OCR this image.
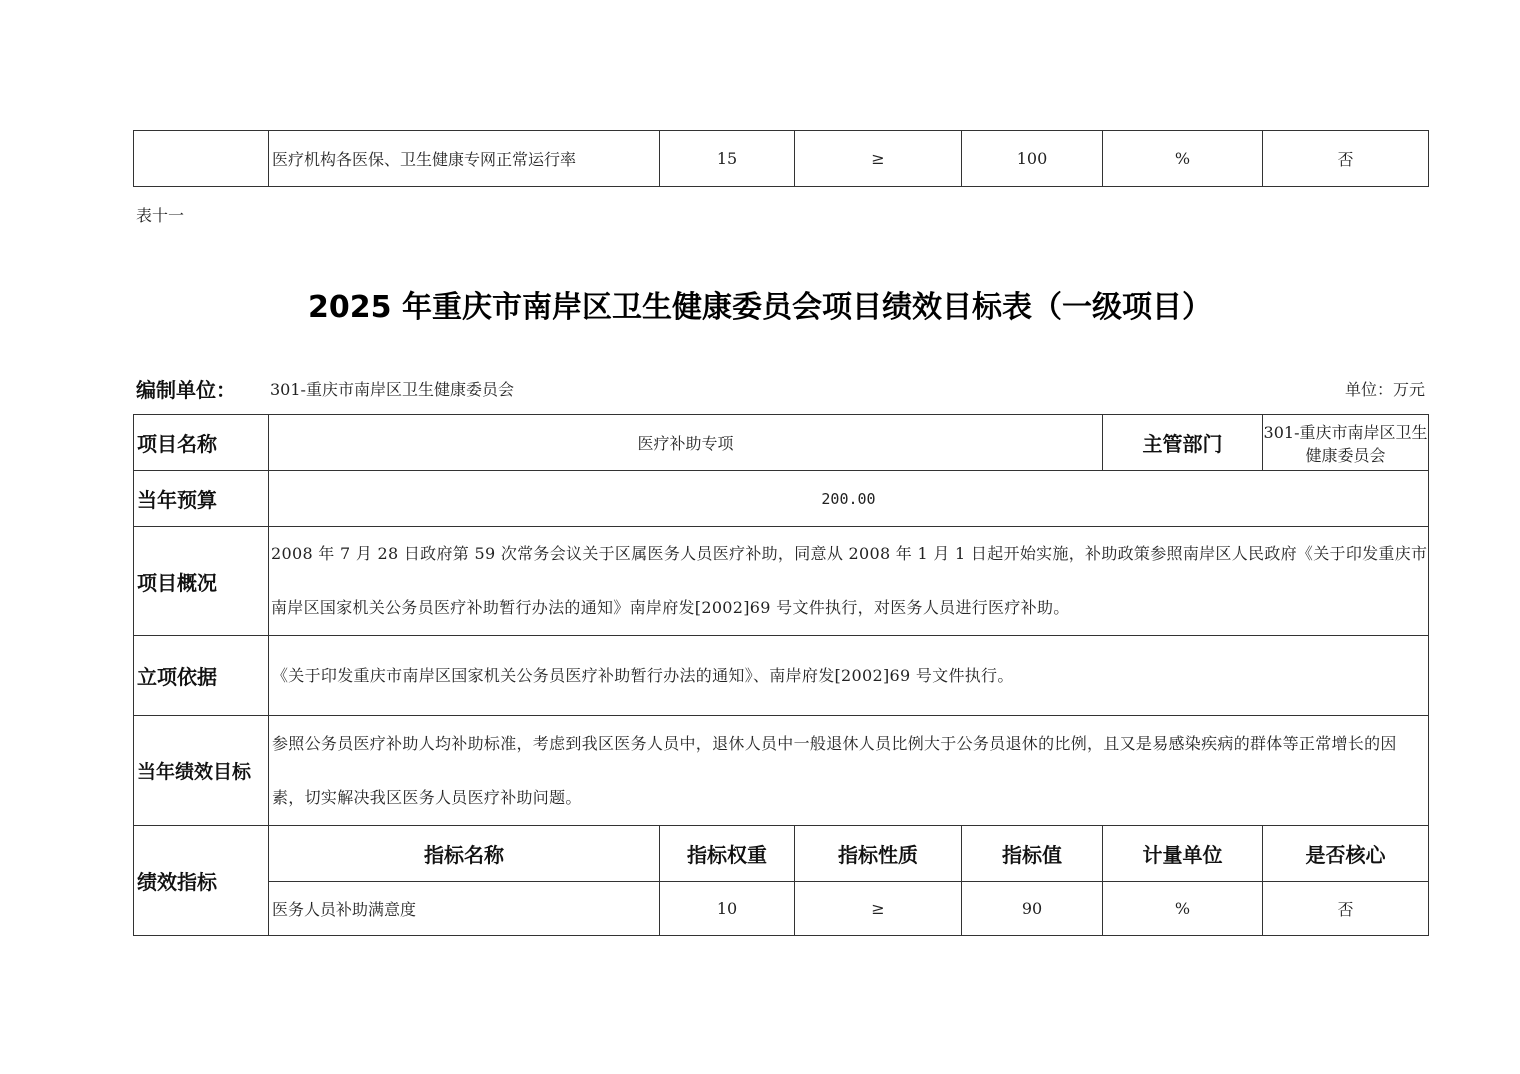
	医疗机构各医保、卫生健康专网正常运行率	15	≥	100	%	否
表十一
2025 年重庆市南岸区卫生健康委员会项目绩效目标表（一级项目）
编制单位： 301-重庆市南岸区卫生健康委员会	单位：万元
项目名称	医疗补助专项				主管部门	301-重庆市南岸区卫生健康委员会
当年预算	200.00					
项目概况	2008 年 7 月 28 日政府第 59 次常务会议关于区属医务人员医疗补助，同意从 2008 年 1 月 1 日起开始实施，补助政策参照南岸区人民政府《关于印发重庆市南岸区国家机关公务员医疗补助暂行办法的通知》南岸府发[2002]69 号文件执行，对医务人员进行医疗补助。					
立项依据	《关于印发重庆市南岸区国家机关公务员医疗补助暂行办法的通知》、南岸府发[2002]69 号文件执行。					
当年绩效目标	参照公务员医疗补助人均补助标准，考虑到我区医务人员中，退休人员中一般退休人员比例大于公务员退休的比例，且又是易感染疾病的群体等正常增长的因素，切实解决我区医务人员医疗补助问题。					
绩效指标	指标名称	指标权重	指标性质	指标值	计量单位	是否核心
	医务人员补助满意度	10	≥	90	%	否
